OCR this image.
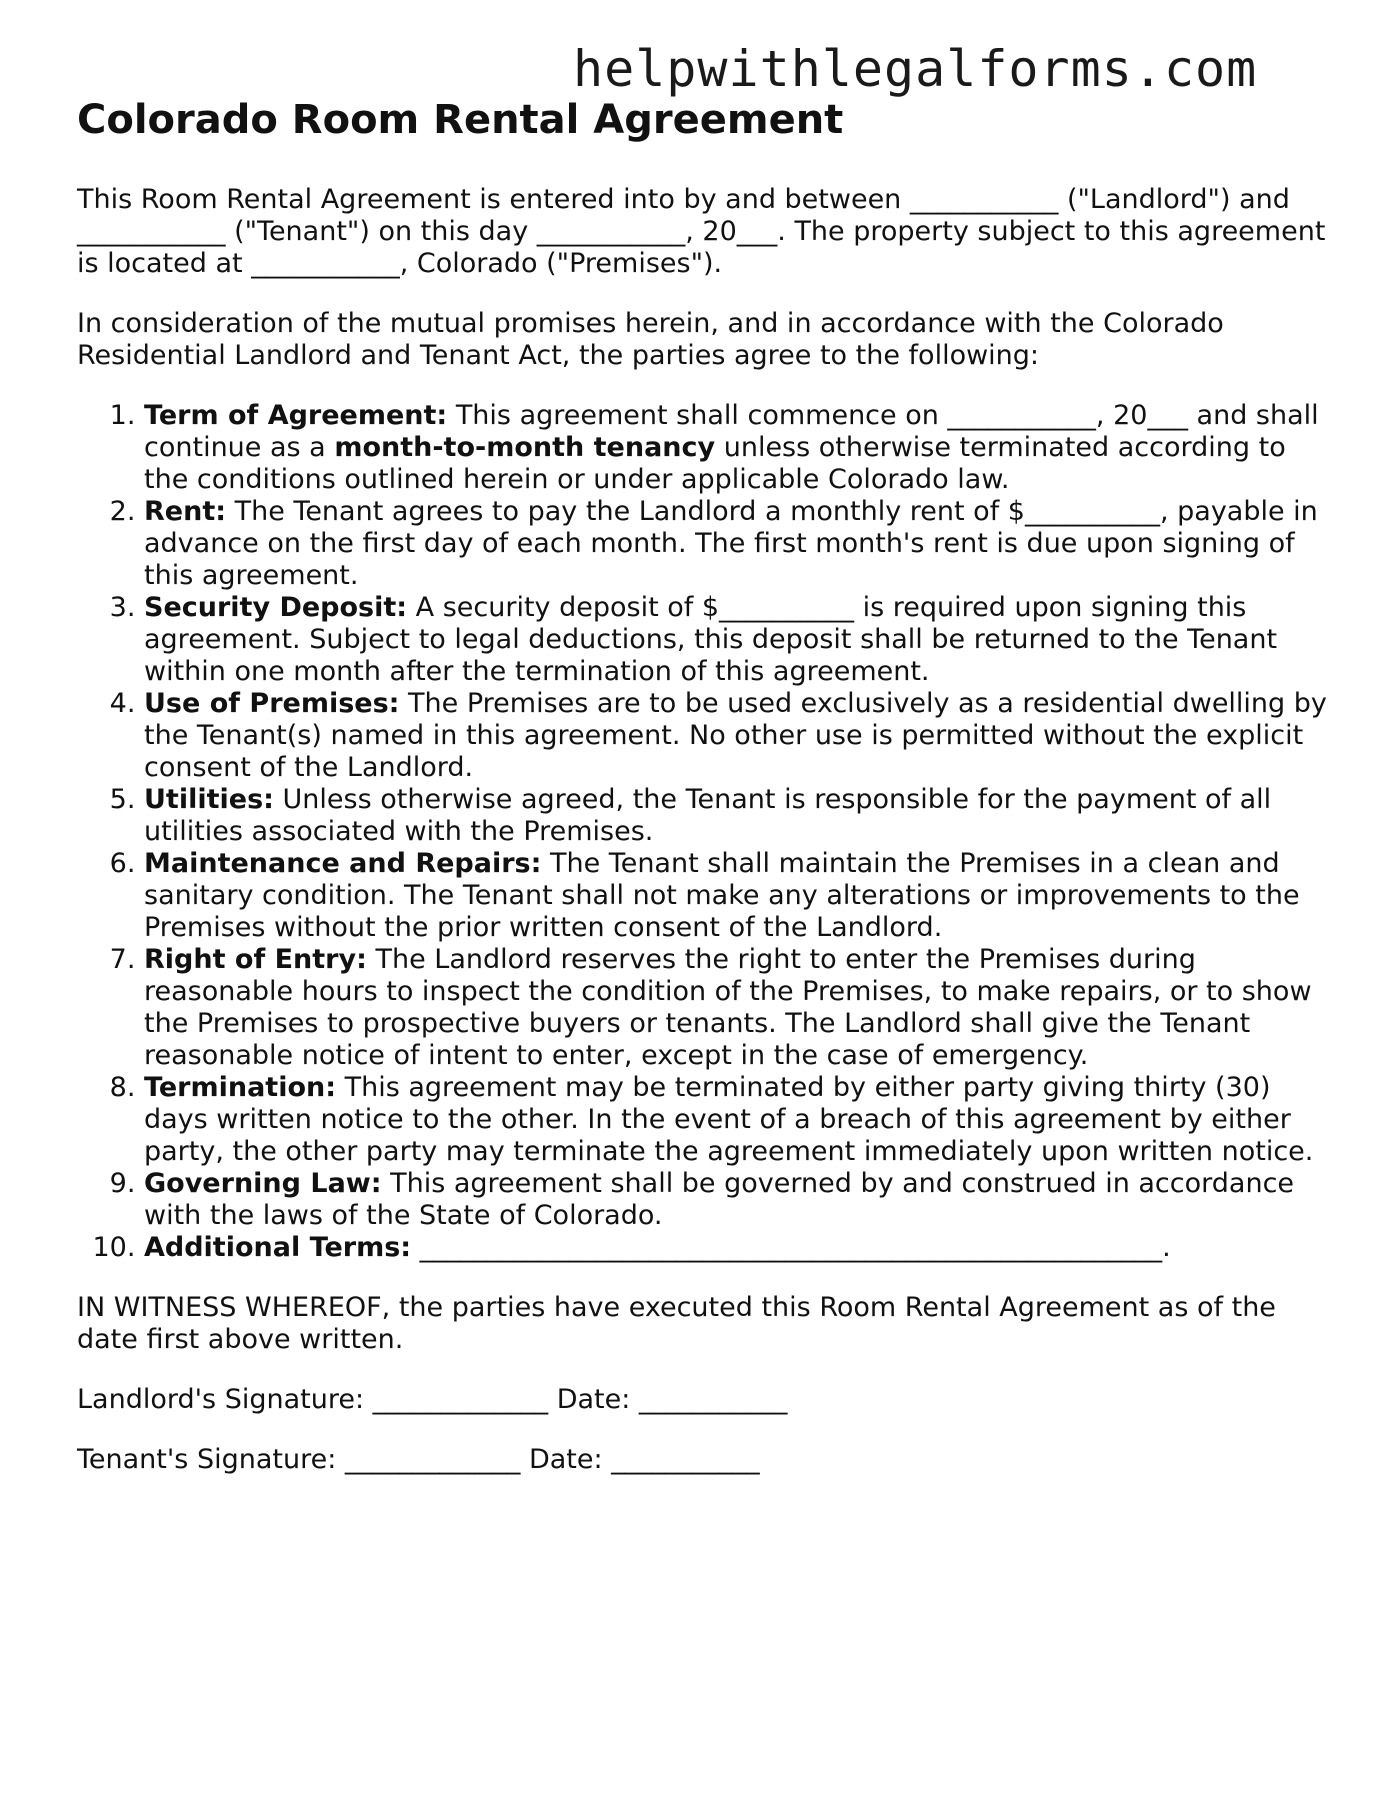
helpwithlegalforms.com
Colorado Room Rental Agreement

This Room Rental Agreement is entered into by and between ___________ ("Landlord") and ___________ ("Tenant") on this day ___________, 20___. The property subject to this agreement is located at ___________, Colorado ("Premises").

In consideration of the mutual promises herein, and in accordance with the Colorado Residential Landlord and Tenant Act, the parties agree to the following:

1. Term of Agreement: This agreement shall commence on ___________, 20___ and shall continue as a month-to-month tenancy unless otherwise terminated according to the conditions outlined herein or under applicable Colorado law.
2. Rent: The Tenant agrees to pay the Landlord a monthly rent of $__________, payable in advance on the first day of each month. The first month's rent is due upon signing of this agreement.
3. Security Deposit: A security deposit of $__________ is required upon signing this agreement. Subject to legal deductions, this deposit shall be returned to the Tenant within one month after the termination of this agreement.
4. Use of Premises: The Premises are to be used exclusively as a residential dwelling by the Tenant(s) named in this agreement. No other use is permitted without the explicit consent of the Landlord.
5. Utilities: Unless otherwise agreed, the Tenant is responsible for the payment of all utilities associated with the Premises.
6. Maintenance and Repairs: The Tenant shall maintain the Premises in a clean and sanitary condition. The Tenant shall not make any alterations or improvements to the Premises without the prior written consent of the Landlord.
7. Right of Entry: The Landlord reserves the right to enter the Premises during reasonable hours to inspect the condition of the Premises, to make repairs, or to show the Premises to prospective buyers or tenants. The Landlord shall give the Tenant reasonable notice of intent to enter, except in the case of emergency.
8. Termination: This agreement may be terminated by either party giving thirty (30) days written notice to the other. In the event of a breach of this agreement by either party, the other party may terminate the agreement immediately upon written notice.
9. Governing Law: This agreement shall be governed by and construed in accordance with the laws of the State of Colorado.
10. Additional Terms: _______________________________________________________.

IN WITNESS WHEREOF, the parties have executed this Room Rental Agreement as of the date first above written.

Landlord's Signature: _____________ Date: ___________

Tenant's Signature: _____________ Date: ___________
